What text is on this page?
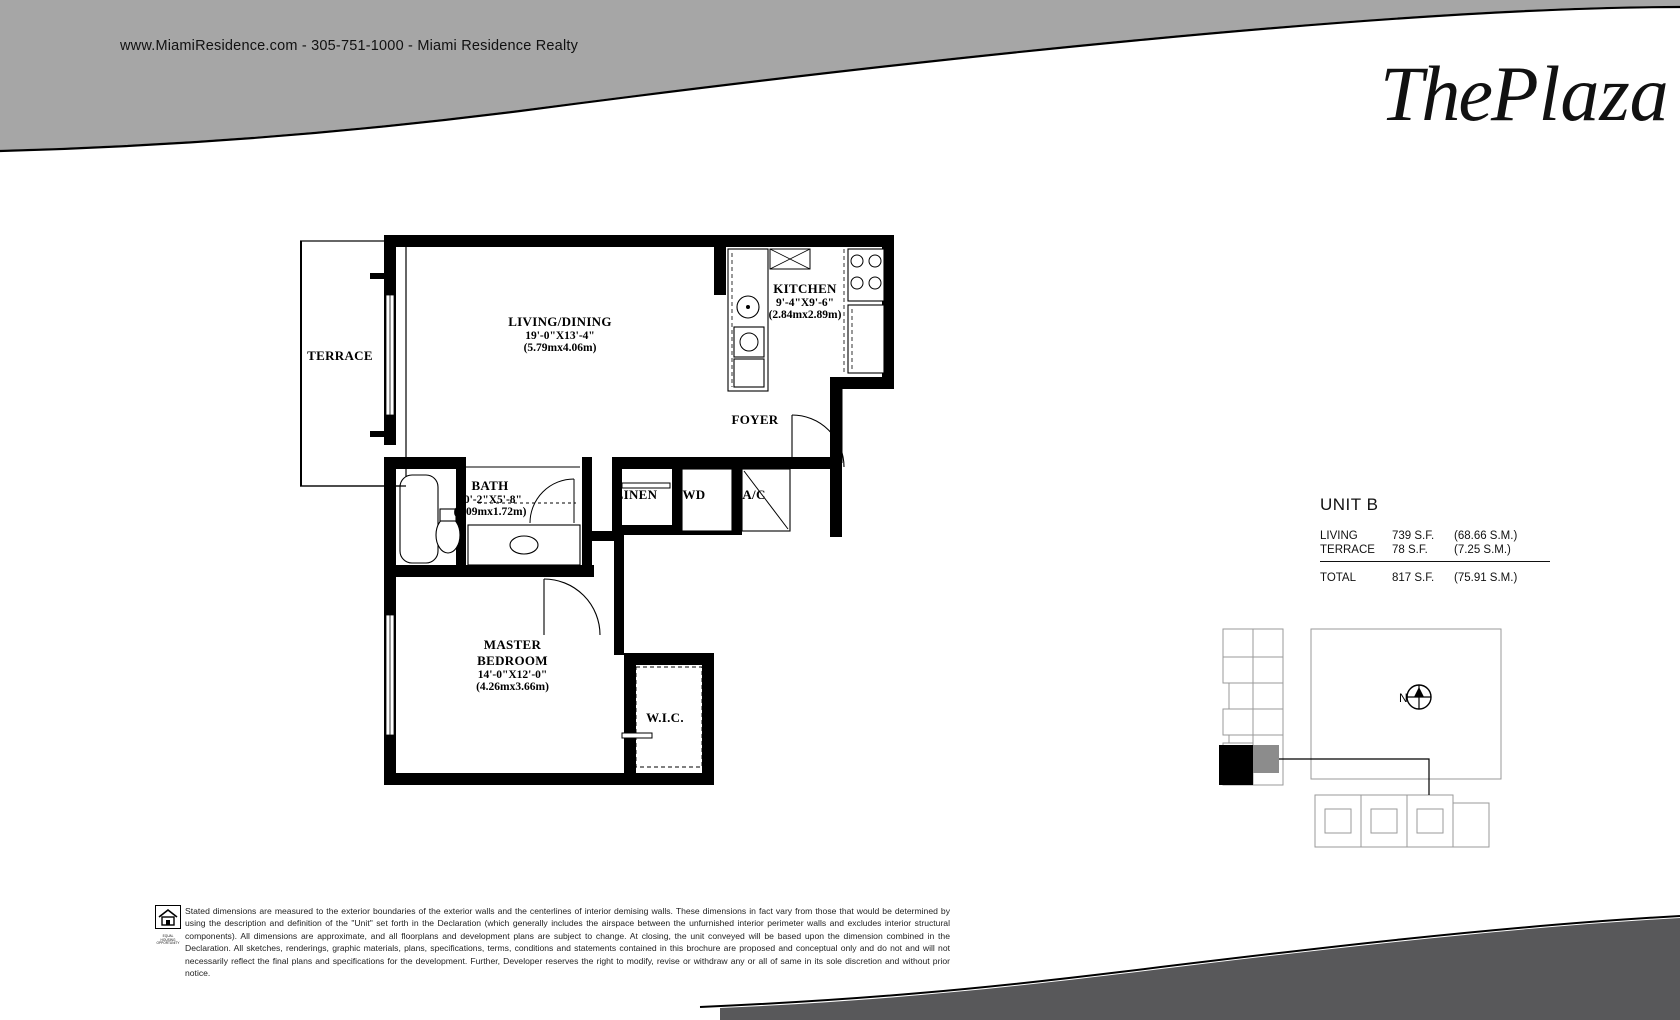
www.MiamiResidence.com - 305-751-1000 - Miami Residence Realty
ThePlaza
TERRACE
LIVING/DINING
19'-0"X13'-4"
(5.79mx4.06m)
KITCHEN
9'-4"X9'-6"
(2.84mx2.89m)
FOYER
BATH
10'-2"X5'-8"
(3.09mx1.72m)
LINEN	WD	A/C
MASTER
BEDROOM
14'-0"X12'-0"
(4.26mx3.66m)
W.I.C.
UNIT B
LIVING	739 S.F.	(68.66 S.M.)
TERRACE	78 S.F.	(7.25 S.M.)
TOTAL	817 S.F.	(75.91 S.M.)
N
EQUAL HOUSING OPPORTUNITY
Stated dimensions are measured to the exterior boundaries of the exterior walls and the centerlines of interior demising walls. These dimensions in fact vary from those that would be determined by using the description and definition of the "Unit" set forth in the Declaration (which generally includes the airspace between the unfurnished interior perimeter walls and excludes interior structural components). All dimensions are approximate, and all floorplans and development plans are subject to change. At closing, the unit conveyed will be based upon the dimension combined in the Declaration. All sketches, renderings, graphic materials, plans, specifications, terms, conditions and statements contained in this brochure are proposed and conceptual only and do not and will not necessarily reflect the final plans and specifications for the development. Further, Developer reserves the right to modify, revise or withdraw any or all of same in its sole discretion and without prior notice.
